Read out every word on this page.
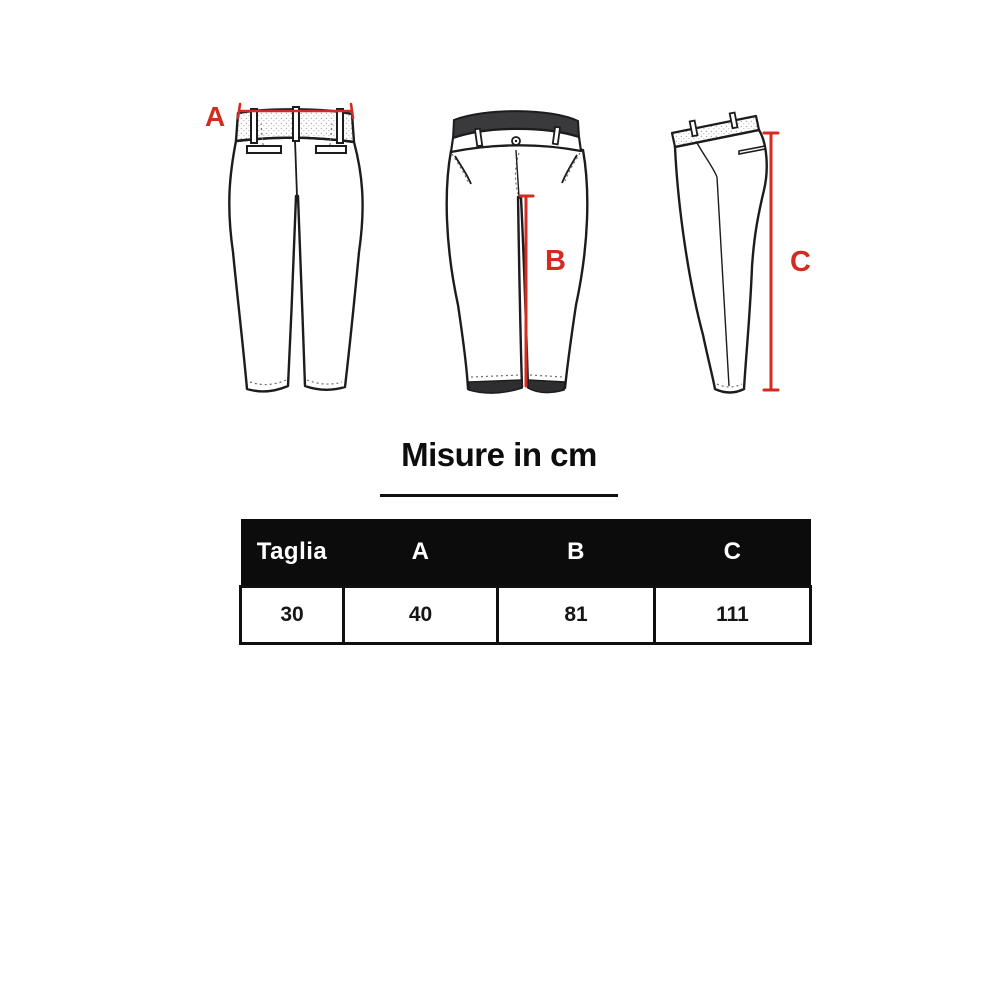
A
B	C
Misure in cm
Taglia	A	B	C
30	40	81	111
